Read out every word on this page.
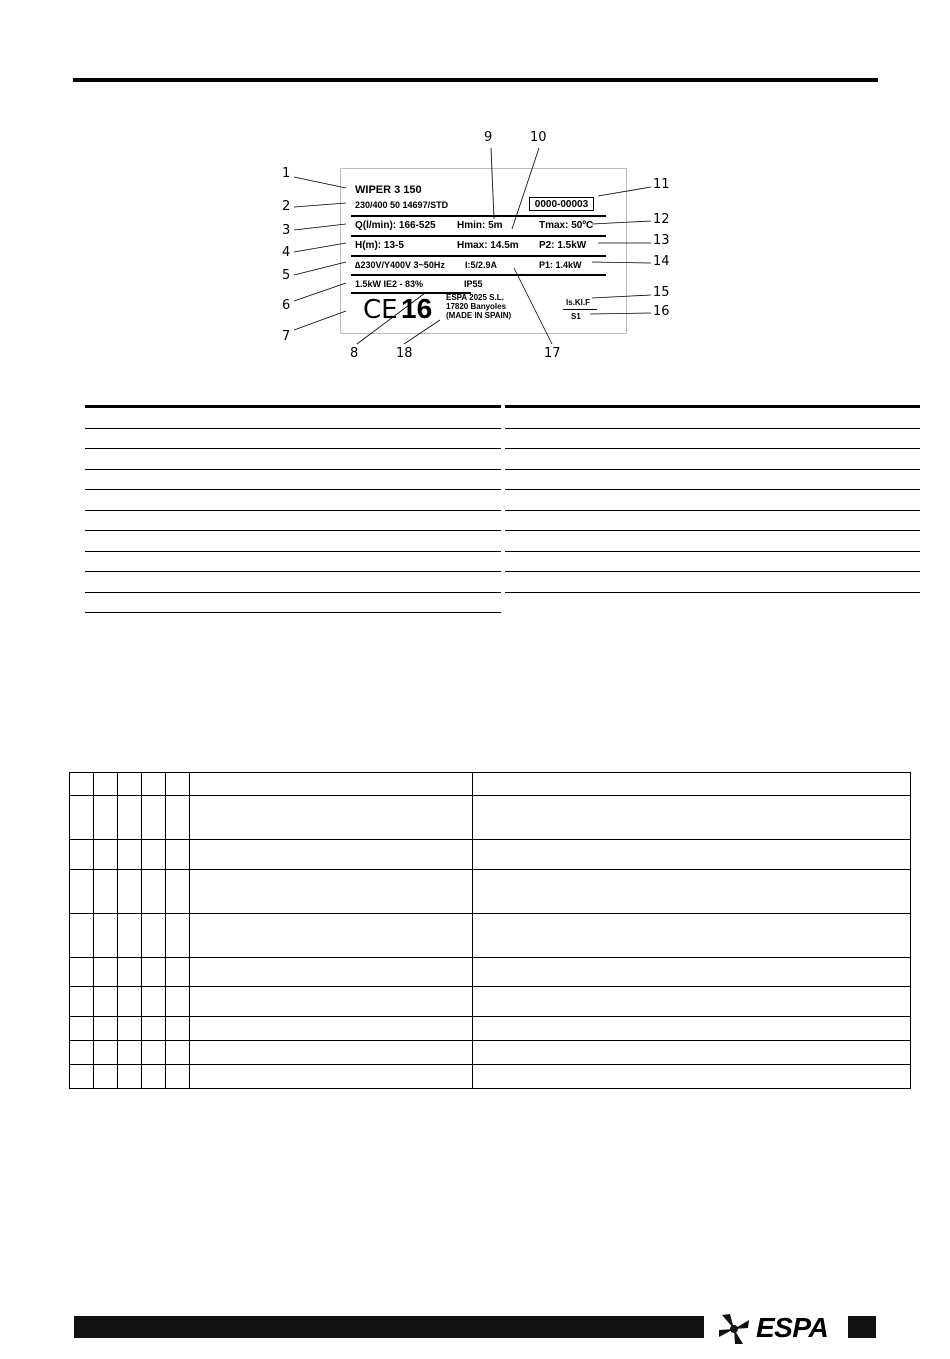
WIPER 3 150
230/400 50 14697/STD	0000-00003
Q(l/min): 166-525 Hmin: 5m	Tmax: 50ºC
H(m): 13-5	Hmax: 14.5m P2: 1.5kW
∆230V/Y400V 3~50Hz I:5/2.9A	P1: 1.4kW
1.5kW IE2 - 83%	IP55
CE 16 ESPA 2025 S.L.
17820 Banyoles
(MADE IN SPAIN)
Is.Kl.F
S1
1
2
3
4
5
6
7
8
9	10
11
12
13
14
15
16
17
18

ESPA
